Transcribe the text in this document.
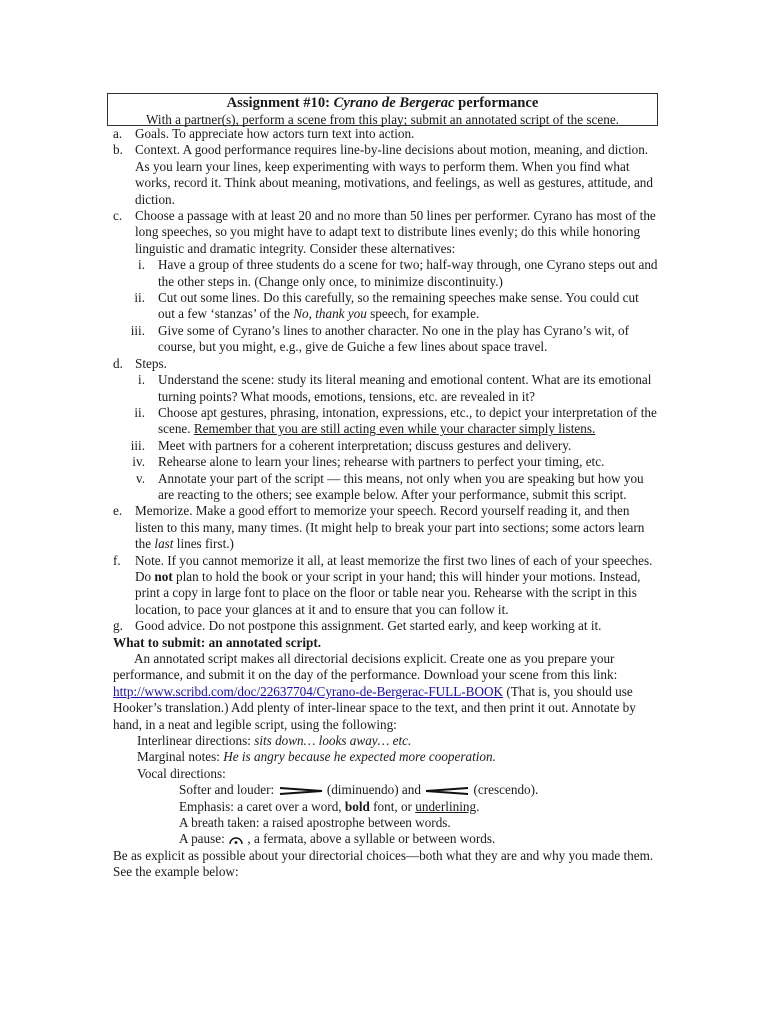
Assignment #10: Cyrano de Bergerac performance
With a partner(s), perform a scene from this play; submit an annotated script of the scene.
a. Goals. To appreciate how actors turn text into action.
b. Context. A good performance requires line-by-line decisions about motion, meaning, and diction. As you learn your lines, keep experimenting with ways to perform them. When you find what works, record it. Think about meaning, motivations, and feelings, as well as gestures, attitude, and diction.
c. Choose a passage with at least 20 and no more than 50 lines per performer. Cyrano has most of the long speeches, so you might have to adapt text to distribute lines evenly; do this while honoring linguistic and dramatic integrity. Consider these alternatives:
i. Have a group of three students do a scene for two; half-way through, one Cyrano steps out and the other steps in. (Change only once, to minimize discontinuity.)
ii. Cut out some lines. Do this carefully, so the remaining speeches make sense. You could cut out a few ‘stanzas’ of the No, thank you speech, for example.
iii. Give some of Cyrano’s lines to another character. No one in the play has Cyrano’s wit, of course, but you might, e.g., give de Guiche a few lines about space travel.
d. Steps.
i. Understand the scene: study its literal meaning and emotional content. What are its emotional turning points? What moods, emotions, tensions, etc. are revealed in it?
ii. Choose apt gestures, phrasing, intonation, expressions, etc., to depict your interpretation of the scene. Remember that you are still acting even while your character simply listens.
iii. Meet with partners for a coherent interpretation; discuss gestures and delivery.
iv. Rehearse alone to learn your lines; rehearse with partners to perfect your timing, etc.
v. Annotate your part of the script — this means, not only when you are speaking but how you are reacting to the others; see example below. After your performance, submit this script.
e. Memorize. Make a good effort to memorize your speech. Record yourself reading it, and then listen to this many, many times. (It might help to break your part into sections; some actors learn the last lines first.)
f.	Note. If you cannot memorize it all, at least memorize the first two lines of each of your speeches. Do not plan to hold the book or your script in your hand; this will hinder your motions. Instead, print a copy in large font to place on the floor or table near you. Rehearse with the script in this location, to pace your glances at it and to ensure that you can follow it.
g. Good advice. Do not postpone this assignment. Get started early, and keep working at it.
What to submit: an annotated script.
An annotated script makes all directorial decisions explicit. Create one as you prepare your performance, and submit it on the day of the performance. Download your scene from this link: http://www.scribd.com/doc/22637704/Cyrano-de-Bergerac-FULL-BOOK (That is, you should use Hooker’s translation.) Add plenty of inter-linear space to the text, and then print it out. Annotate by hand, in a neat and legible script, using the following:
Interlinear directions: sits down… looks away… etc.
Marginal notes: He is angry because he expected more cooperation.
Vocal directions:
Softer and louder:	(diminuendo) and	(crescendo).
Emphasis: a caret over a word, bold font, or underlining.
A breath taken: a raised apostrophe between words.
A pause:  , a fermata, above a syllable or between words.
Be as explicit as possible about your directorial choices—both what they are and why you made them. See the example below:
